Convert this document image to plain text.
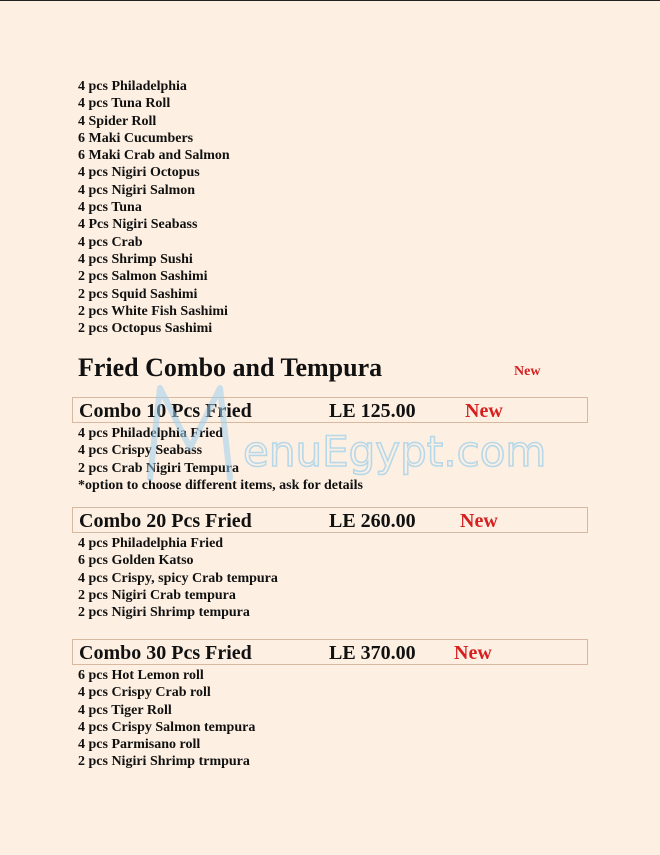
4 pcs Philadelphia
4 pcs Tuna Roll
4 Spider Roll
6 Maki Cucumbers
6 Maki Crab and Salmon
4 pcs Nigiri Octopus
4 pcs Nigiri Salmon
4 pcs Tuna
4 Pcs Nigiri Seabass
4 pcs Crab
4 pcs Shrimp Sushi
2 pcs Salmon Sashimi
2 pcs Squid Sashimi
2 pcs White Fish Sashimi
2 pcs Octopus Sashimi
Fried Combo and Tempura	New
Combo 10 Pcs Fried	LE 125.00 New
4 pcs Philadelphia Fried
4 pcs Crispy Seabass
2 pcs Crab Nigiri Tempura
*option to choose different items, ask for details
Combo 20 Pcs Fried	LE 260.00 New
4 pcs Philadelphia Fried
6 pcs Golden Katso
4 pcs Crispy, spicy Crab tempura
2 pcs Nigiri Crab tempura
2 pcs Nigiri Shrimp tempura
Combo 30 Pcs Fried	LE 370.00 New
6 pcs Hot Lemon roll
4 pcs Crispy Crab roll
4 pcs Tiger Roll
4 pcs Crispy Salmon tempura
4 pcs Parmisano roll
2 pcs Nigiri Shrimp trmpura
enuEgypt.com
